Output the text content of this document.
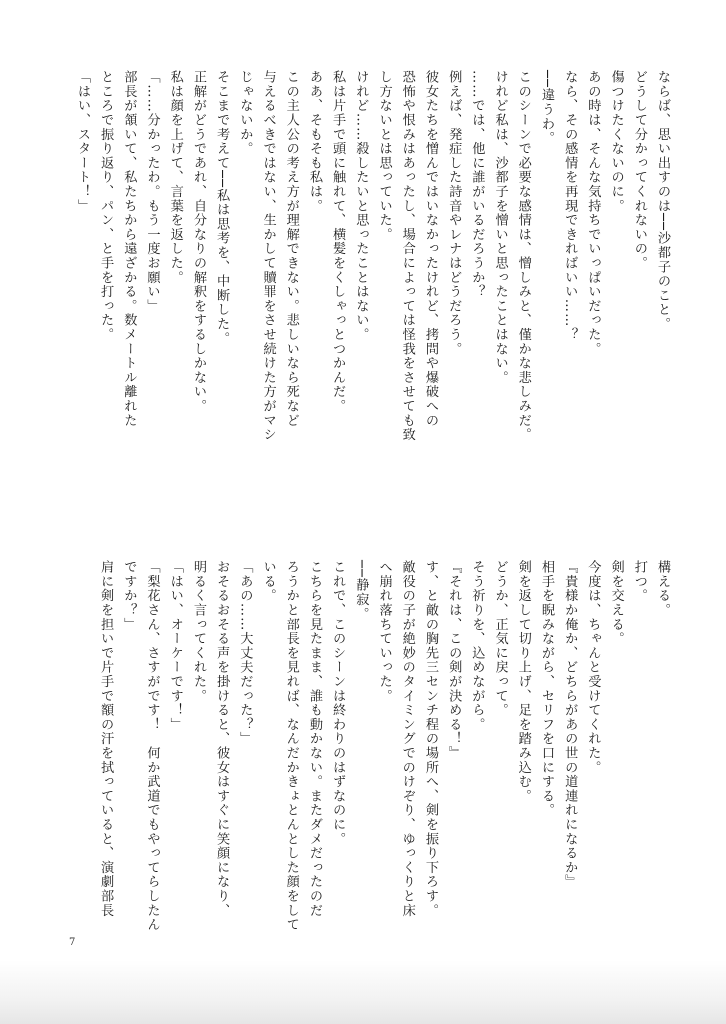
ならば、思い出すのは──沙都子のこと。
どうして分かってくれないの。
傷つけたくないのに。
あの時は、そんな気持ちでいっぱいだった。
なら、その感情を再現できればいい……？
──違うわ。
このシーンで必要な感情は、憎しみと、僅かな悲しみだ。
けれど私は、沙都子を憎いと思ったことはない。
……では、他に誰がいるだろうか？
例えば、発症した詩音やレナはどうだろう。
彼女たちを憎んではいなかったけれど、拷問や爆破への
恐怖や恨みはあったし、場合によっては怪我をさせても致
し方ないとは思っていた。
けれど……殺したいと思ったことはない。
私は片手で頭に触れて、横髪をくしゃっとつかんだ。
ああ、そもそも私は。
この主人公の考え方が理解できない。悲しいなら死など
与えるべきではない、生かして贖罪をさせ続けた方がマシ
じゃないか。
そこまで考えて──私は思考を、中断した。
正解がどうであれ、自分なりの解釈をするしかない。
私は顔を上げて、言葉を返した。
「……分かったわ。もう一度お願い」
部長が頷いて、私たちから遠ざかる。数メートル離れた
ところで振り返り、パン、と手を打った。
「はい、スタート！」
構える。
打つ。
剣を交える。
今度は、ちゃんと受けてくれた。
『貴様か俺か、どちらがあの世の道連れになるか』
相手を睨みながら、セリフを口にする。
剣を返して切り上げ、足を踏み込む。
どうか、正気に戻って。
そう祈りを、込めながら。
『それは、この剣が決める！』
す、と敵の胸先三センチ程の場所へ、剣を振り下ろす。
敵役の子が絶妙のタイミングでのけぞり、ゆっくりと床
へ崩れ落ちていった。
──静寂。
これで、このシーンは終わりのはずなのに。
こちらを見たまま、誰も動かない。またダメだったのだ
ろうかと部長を見れば、なんだかきょとんとした顔をして
いる。
「あの……大丈夫だった？」
おそるおそる声を掛けると、彼女はすぐに笑顔になり、
明るく言ってくれた。
「はい、オーケーです！」
「梨花さん、さすがです！　何か武道でもやってらしたん
ですか？」
肩に剣を担いで片手で額の汗を拭っていると、演劇部長
7
